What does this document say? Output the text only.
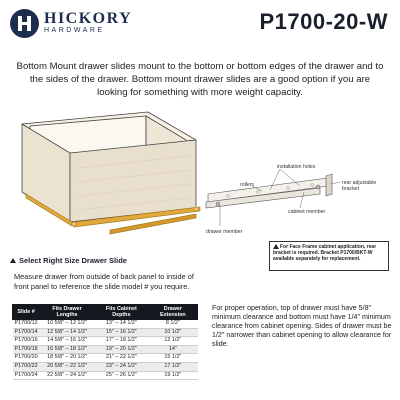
HICKORY
HARDWARE	P1700-20-W
Bottom Mount drawer slides mount to the bottom or bottom edges of the drawer and to the sides of the drawer. Bottom mount drawer slides are a good option if you are looking for something with more weight capacity.
installation holes
rollers	rear adjustable bracket
cabinet member
drawer member
For Face Frame cabinet application, rear bracket is required. Bracket P1700/BKT-W available separately for replacement.
Select Right Size Drawer Slide
Measure drawer from outside of back panel to inside of front panel to reference the slide model # you require.
Slide #	Fits Drawer Lengths	Fits Cabinet Depths	Drawer Extension
P1700/12	10 5/8" – 12 1/2"	13" – 14 1/2"	8 1/2"
P1700/14	12 5/8" – 14 1/2"	15" – 16 1/2"	10 1/2"
P1700/16	14 5/8" – 16 1/2"	17" – 18 1/2"	12 1/2"
P1700/18	16 5/8" – 18 1/2"	19" – 20 1/2"	14"
P1700/20	18 5/8" – 20 1/2"	21" – 22 1/2"	15 1/2"
P1700/22	20 5/8" – 22 1/2"	23" – 24 1/2"	17 1/2"
P1700/24	22 5/8" – 24 1/2"	25" – 26 1/2"	19 1/2"
For proper operation, top of drawer must have 5/8" minimum clearance and bottom must have 1/4" minimum clearance from cabinet opening. Sides of drawer must be 1/2" narrower than cabinet opening to allow clearance for slide.
